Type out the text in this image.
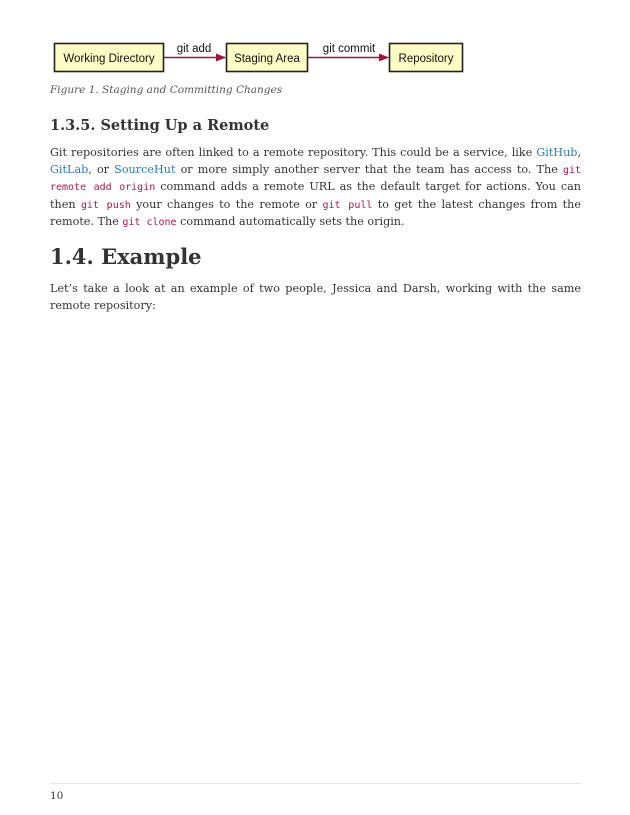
Working Directory	Staging Area	Repository
git add	git commit

Figure 1. Staging and Committing Changes

1.3.5. Setting Up a Remote

Git repositories are often linked to a remote repository. This could be a service, like GitHub, GitLab, or SourceHut or more simply another server that the team has access to. The git remote add origin command adds a remote URL as the default target for actions. You can then git push your changes to the remote or git pull to get the latest changes from the remote. The git clone command automatically sets the origin.

1.4. Example

Let’s take a look at an example of two people, Jessica and Darsh, working with the same remote repository:

10
